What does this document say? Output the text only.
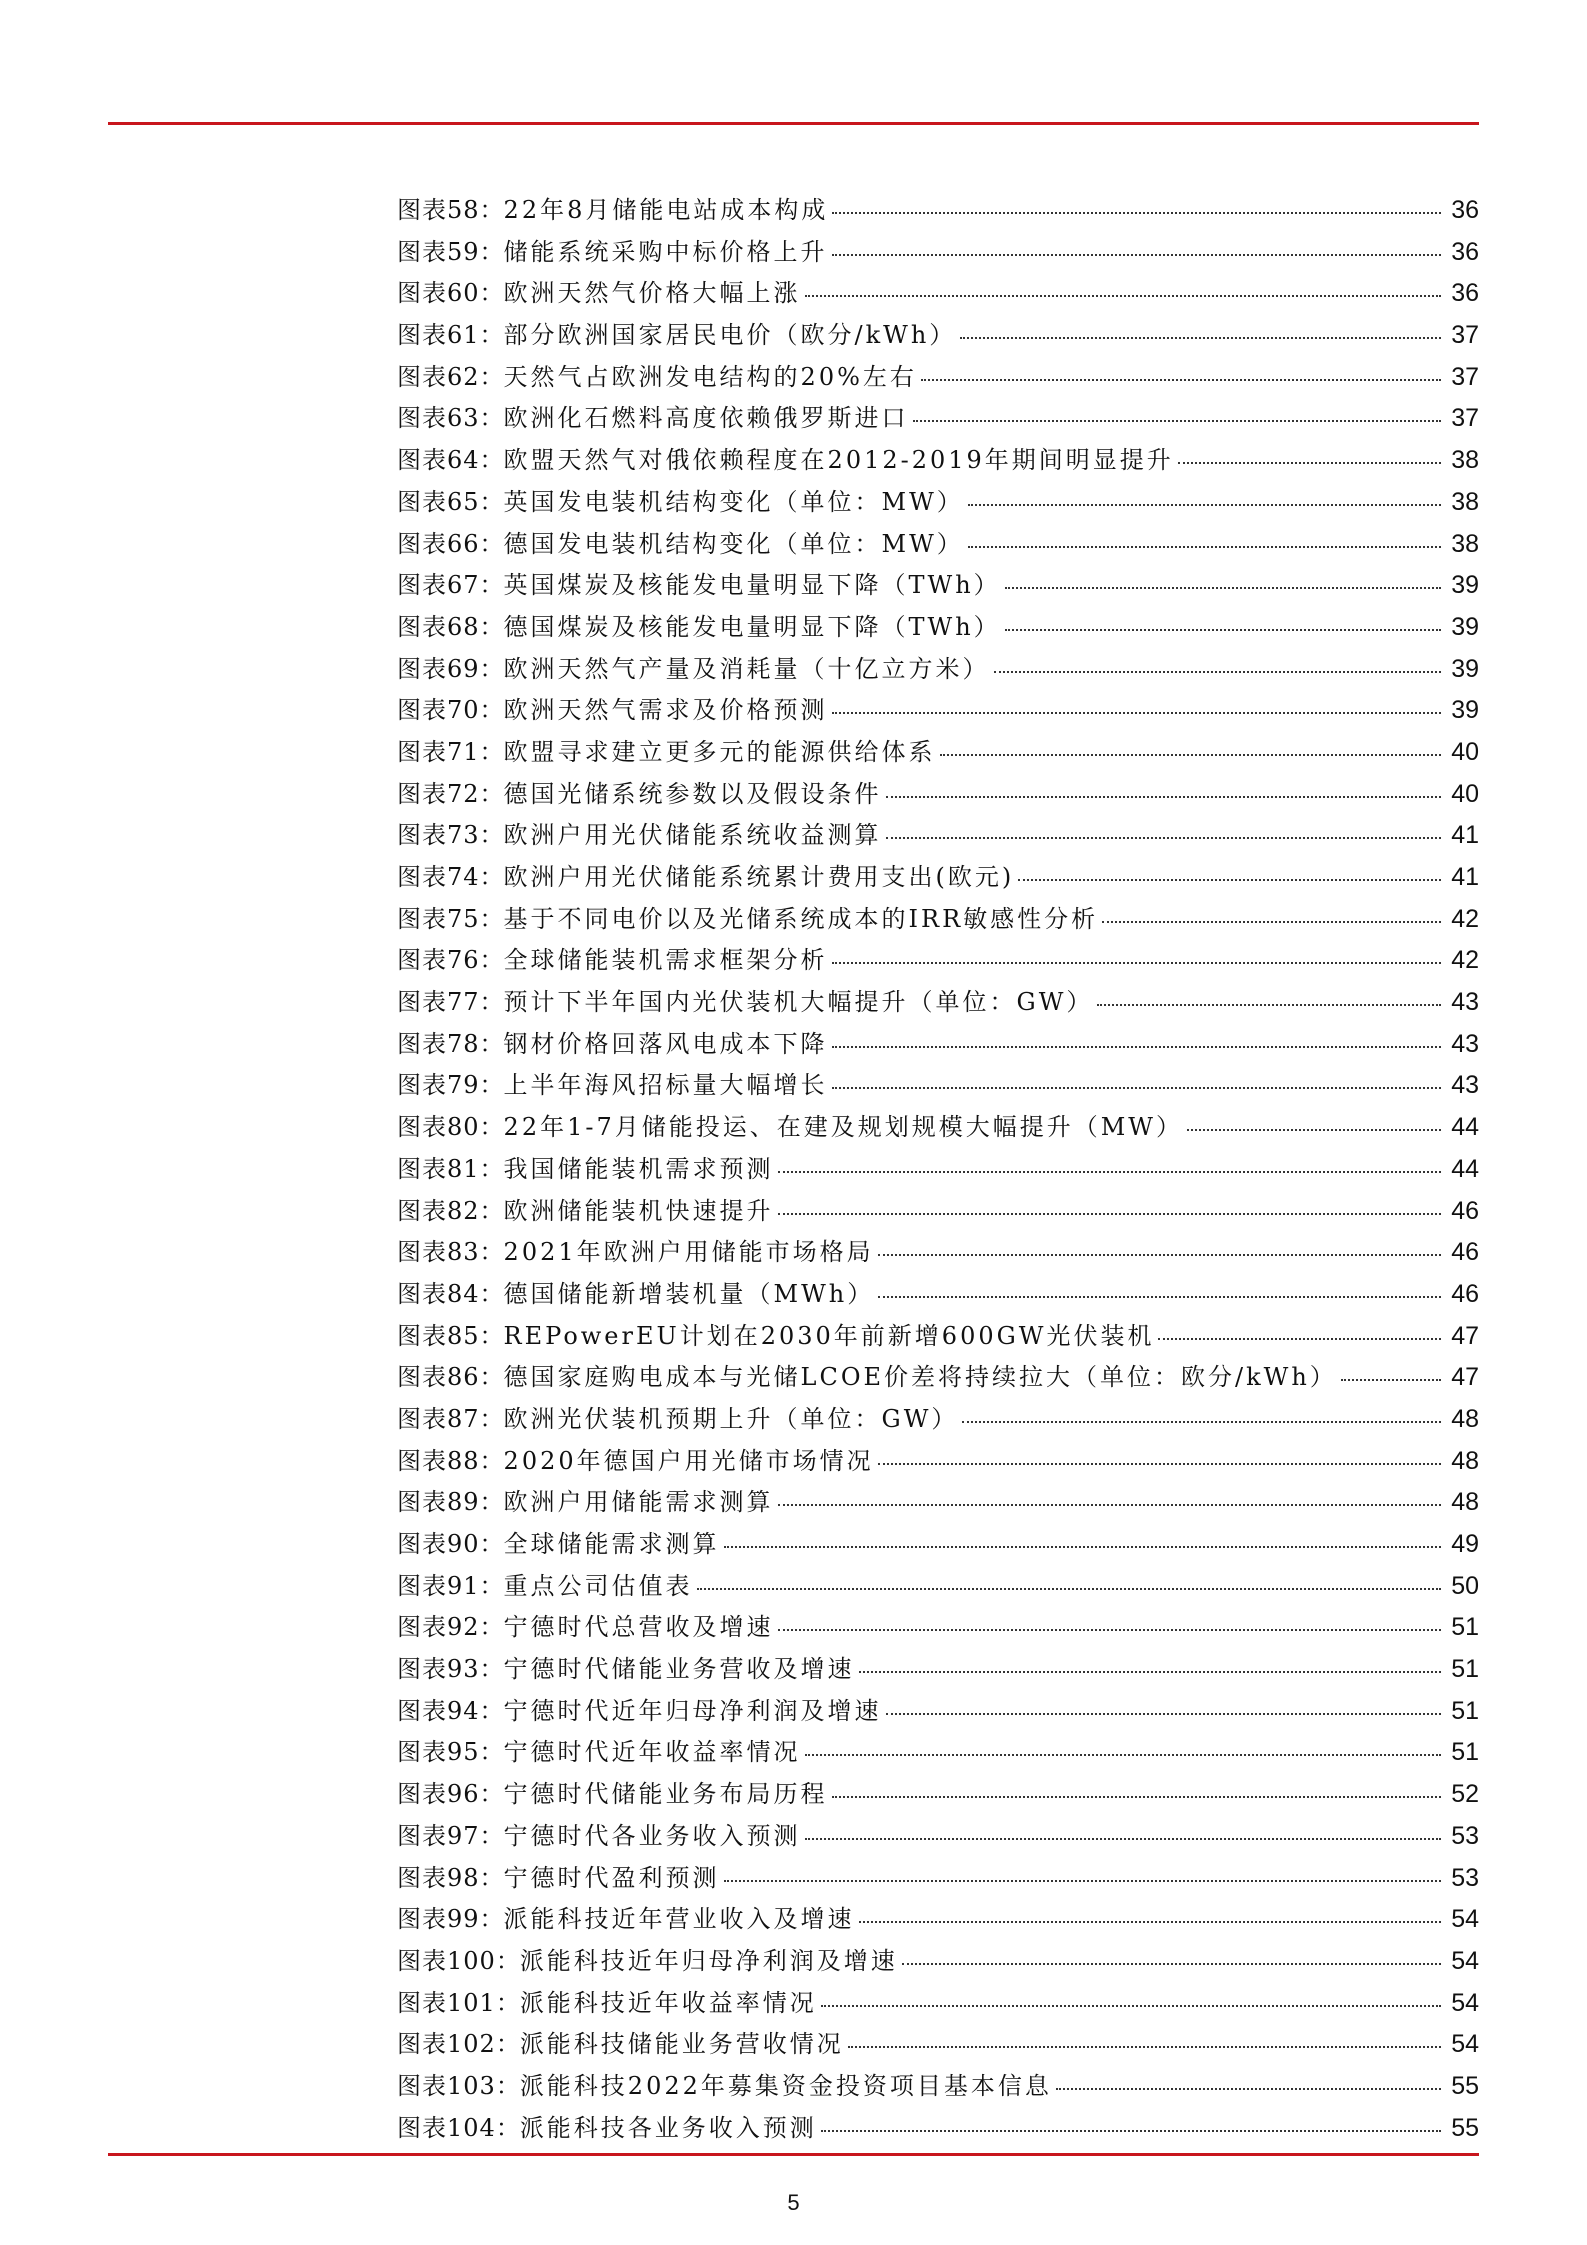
图表58 ： 22年8月储能电站成本构成	36
图表59 ： 储能系统采购中标价格上升	36
图表60 ： 欧洲天然气价格大幅上涨	36
图表61 ： 部分欧洲国家居民电价（欧分/kWh）	37
图表62 ： 天然气占欧洲发电结构的20%左右	37
图表63 ： 欧洲化石燃料高度依赖俄罗斯进口	37
图表64 ： 欧盟天然气对俄依赖程度在2012-2019年期间明显提升	38
图表65 ： 英国发电装机结构变化（单位：MW）	38
图表66 ： 德国发电装机结构变化（单位：MW）	38
图表67 ： 英国煤炭及核能发电量明显下降（TWh）	39
图表68 ： 德国煤炭及核能发电量明显下降（TWh）	39
图表69 ： 欧洲天然气产量及消耗量（十亿立方米）	39
图表70 ： 欧洲天然气需求及价格预测	39
图表71 ： 欧盟寻求建立更多元的能源供给体系	40
图表72 ： 德国光储系统参数以及假设条件	40
图表73 ： 欧洲户用光伏储能系统收益测算	41
图表74 ： 欧洲户用光伏储能系统累计费用支出(欧元)	41
图表75 ： 基于不同电价以及光储系统成本的IRR敏感性分析	42
图表76 ： 全球储能装机需求框架分析	42
图表77 ： 预计下半年国内光伏装机大幅提升（单位：GW）	43
图表78 ： 钢材价格回落风电成本下降	43
图表79 ： 上半年海风招标量大幅增长	43
图表80 ： 22年1-7月储能投运、在建及规划规模大幅提升（MW）	44
图表81 ： 我国储能装机需求预测	44
图表82 ： 欧洲储能装机快速提升	46
图表83 ： 2021年欧洲户用储能市场格局	46
图表84 ： 德国储能新增装机量（MWh）	46
图表85 ： REPowerEU计划在2030年前新增600GW光伏装机	47
图表86 ： 德国家庭购电成本与光储LCOE价差将持续拉大（单位：欧分/kWh）	47
图表87 ： 欧洲光伏装机预期上升（单位：GW）	48
图表88 ： 2020年德国户用光储市场情况	48
图表89 ： 欧洲户用储能需求测算	48
图表90 ： 全球储能需求测算	49
图表91 ： 重点公司估值表	50
图表92 ： 宁德时代总营收及增速	51
图表93 ： 宁德时代储能业务营收及增速	51
图表94 ： 宁德时代近年归母净利润及增速	51
图表95 ： 宁德时代近年收益率情况	51
图表96 ： 宁德时代储能业务布局历程	52
图表97 ： 宁德时代各业务收入预测	53
图表98 ： 宁德时代盈利预测	53
图表99 ： 派能科技近年营业收入及增速	54
图表100 ： 派能科技近年归母净利润及增速	54
图表101 ： 派能科技近年收益率情况	54
图表102 ： 派能科技储能业务营收情况	54
图表103 ： 派能科技2022年募集资金投资项目基本信息	55
图表104 ： 派能科技各业务收入预测	55
5
